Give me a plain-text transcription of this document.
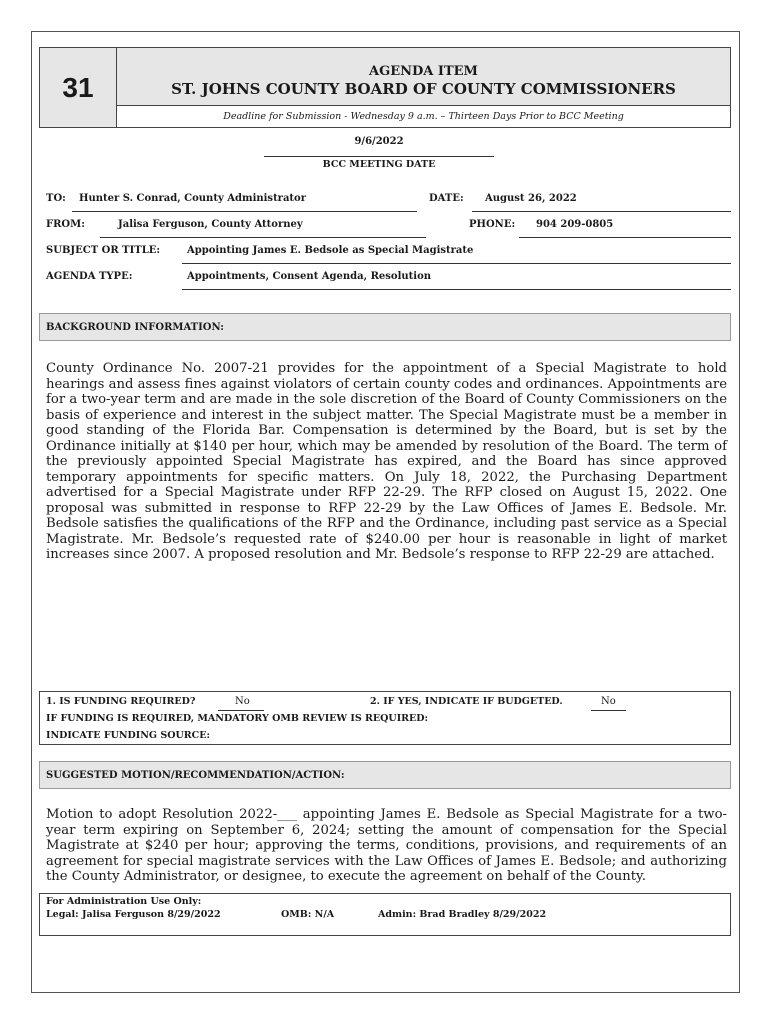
31	AGENDA ITEM
ST. JOHNS COUNTY BOARD OF COUNTY COMMISSIONERS
Deadline for Submission - Wednesday 9 a.m. – Thirteen Days Prior to BCC Meeting
9/6/2022
BCC MEETING DATE
TO: Hunter S. Conrad, County Administrator	DATE: August 26, 2022
FROM:	Jalisa Ferguson, County Attorney	PHONE: 904 209-0805
SUBJECT OR TITLE:	Appointing James E. Bedsole as Special Magistrate
AGENDA TYPE:	Appointments, Consent Agenda, Resolution
BACKGROUND INFORMATION:
County Ordinance No. 2007-21 provides for the appointment of a Special Magistrate to hold hearings and assess fines against violators of certain county codes and ordinances. Appointments are for a two-year term and are made in the sole discretion of the Board of County Commissioners on the basis of experience and interest in the subject matter. The Special Magistrate must be a member in good standing of the Florida Bar. Compensation is determined by the Board, but is set by the Ordinance initially at $140 per hour, which may be amended by resolution of the Board. The term of the previously appointed Special Magistrate has expired, and the Board has since approved temporary appointments for specific matters. On July 18, 2022, the Purchasing Department advertised for a Special Magistrate under RFP 22-29. The RFP closed on August 15, 2022. One proposal was submitted in response to RFP 22-29 by the Law Offices of James E. Bedsole. Mr. Bedsole satisfies the qualifications of the RFP and the Ordinance, including past service as a Special Magistrate. Mr. Bedsole’s requested rate of $240.00 per hour is reasonable in light of market increases since 2007. A proposed resolution and Mr. Bedsole’s response to RFP 22-29 are attached.
1. IS FUNDING REQUIRED?	No	2. IF YES, INDICATE IF BUDGETED.	No
IF FUNDING IS REQUIRED, MANDATORY OMB REVIEW IS REQUIRED:
INDICATE FUNDING SOURCE:
SUGGESTED MOTION/RECOMMENDATION/ACTION:
Motion to adopt Resolution 2022-___ appointing James E. Bedsole as Special Magistrate for a two-year term expiring on September 6, 2024; setting the amount of compensation for the Special Magistrate at $240 per hour; approving the terms, conditions, provisions, and requirements of an agreement for special magistrate services with the Law Offices of James E. Bedsole; and authorizing the County Administrator, or designee, to execute the agreement on behalf of the County.
For Administration Use Only:
Legal: Jalisa Ferguson 8/29/2022	OMB: N/A	Admin: Brad Bradley 8/29/2022
